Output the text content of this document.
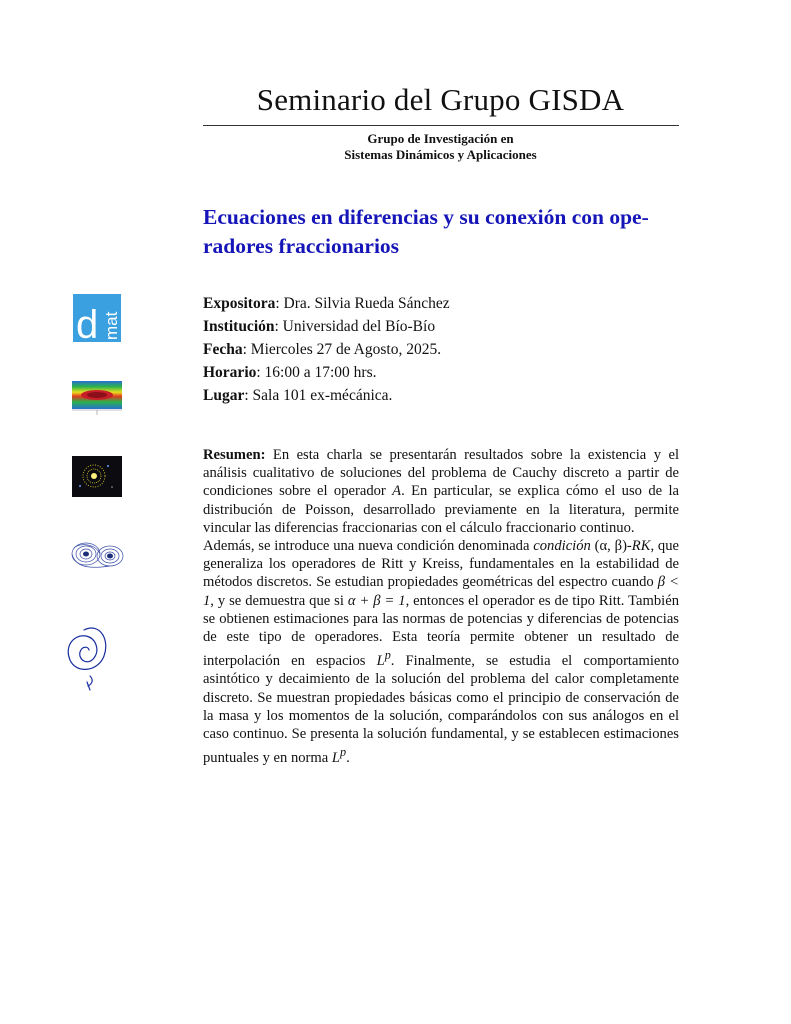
Seminario del Grupo GISDA
Grupo de Investigación en
Sistemas Dinámicos y Aplicaciones
Ecuaciones en diferencias y su conexión con ope-
radores fraccionarios
Expositora: Dra. Silvia Rueda Sánchez
Institución: Universidad del Bío-Bío
Fecha: Miercoles 27 de Agosto, 2025.
Horario: 16:00 a 17:00 hrs.
Lugar: Sala 101 ex-mécánica.

Resumen: En esta charla se presentarán resultados sobre la existencia y el análisis cualitativo de soluciones del problema de Cauchy discreto a partir de condiciones sobre el operador A. En particular, se explica cómo el uso de la distribución de Poisson, desarrollado previamente en la literatura, permite vincular las diferencias fraccionarias con el cálculo fraccionario continuo.

Además, se introduce una nueva condición denominada condición (α, β)-RK, que generaliza los operadores de Ritt y Kreiss, fundamentales en la estabilidad de métodos discretos. Se estudian propiedades geométricas del espectro cuando β < 1, y se demuestra que si α + β = 1, entonces el operador es de tipo Ritt. También se obtienen estimaciones para las normas de potencias y diferencias de potencias de este tipo de operadores. Esta teoría permite obtener un resultado de interpolación en espacios $L^p$. Finalmente, se estudia el comportamiento asintótico y decaimiento de la solución del problema del calor completamente discreto. Se muestran propiedades básicas como el principio de conservación de la masa y los momentos de la solución, comparándolos con sus análogos en el caso continuo. Se presenta la solución fundamental, y se establecen estimaciones puntuales y en norma $L^p$.

d mat
